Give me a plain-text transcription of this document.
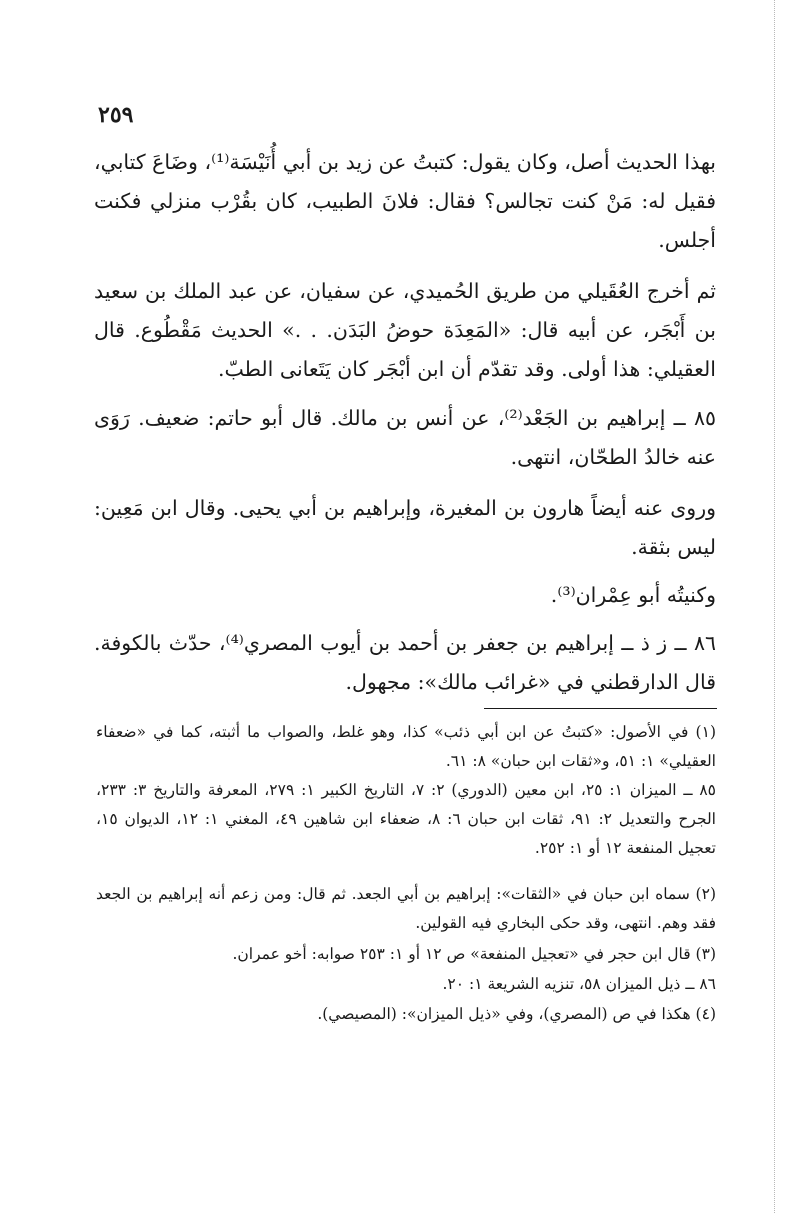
٢٥٩

بهذا الحديث أصل، وكان يقول: كتبتُ عن زيد بن أبي أُنَيْسَة⁽¹⁾، وضَاعَ كتابي، فقيل له: مَنْ كنت تجالس؟ فقال: فلانَ الطبيب، كان بقُرْب منزلي فكنت أجلس.

ثم أخرج العُقَيلي من طريق الحُميدي، عن سفيان، عن عبد الملك بن سعيد بن أَبْجَر، عن أبيه قال: «المَعِدَة حوضُ البَدَن. . .» الحديث مَقْطُوع. قال العقيلي: هذا أولى. وقد تقدّم أن ابن أبْجَر كان يَتَعانى الطبّ.

٨٥ ــ إبراهيم بن الجَعْد⁽²⁾، عن أنس بن مالك. قال أبو حاتم: ضعيف. رَوَى عنه خالدُ الطحّان، انتهى.

وروى عنه أيضاً هارون بن المغيرة، وإبراهيم بن أبي يحيى. وقال ابن مَعِين: ليس بثقة.

وكنيتُه أبو عِمْران⁽³⁾.

٨٦ ــ ز ذ ــ إبراهيم بن جعفر بن أحمد بن أيوب المصري⁽⁴⁾، حدّث بالكوفة. قال الدارقطني في «غرائب مالك»: مجهول.

(١) في الأصول: «كتبتُ عن ابن أبي ذئب» كذا، وهو غلط، والصواب ما أثبته، كما في «ضعفاء العقيلي» ١: ٥١، و«ثقات ابن حبان» ٨: ٦١.

٨٥ ــ الميزان ١: ٢٥، ابن معين (الدوري) ٢: ٧، التاريخ الكبير ١: ٢٧٩، المعرفة والتاريخ ٣: ٢٣٣، الجرح والتعديل ٢: ٩١، ثقات ابن حبان ٦: ٨، ضعفاء ابن شاهين ٤٩، المغني ١: ١٢، الديوان ١٥، تعجيل المنفعة ١٢ أو ١: ٢٥٢.

(٢) سماه ابن حبان في «الثقات»: إبراهيم بن أبي الجعد. ثم قال: ومن زعم أنه إبراهيم بن الجعد فقد وهم. انتهى، وقد حكى البخاري فيه القولين.

(٣) قال ابن حجر في «تعجيل المنفعة» ص ١٢ أو ١: ٢٥٣ صوابه: أخو عمران.

٨٦ ــ ذيل الميزان ٥٨، تنزيه الشريعة ١: ٢٠.

(٤) هكذا في ص (المصري)، وفي «ذيل الميزان»: (المصيصي).
